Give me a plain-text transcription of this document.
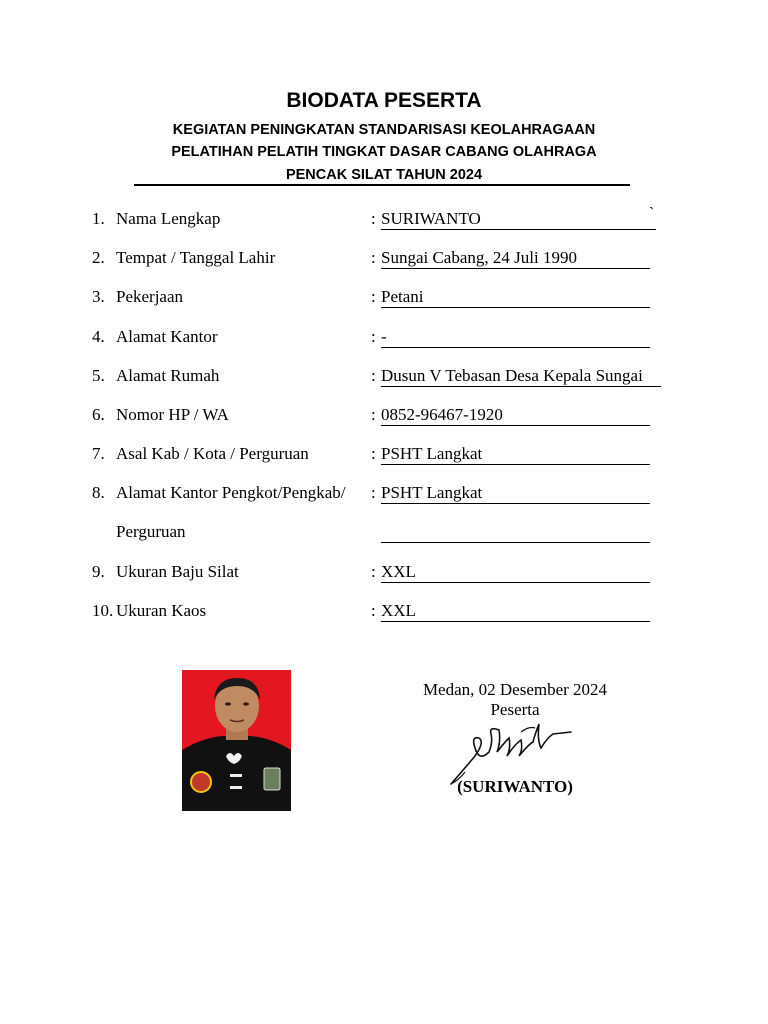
BIODATA PESERTA
KEGIATAN PENINGKATAN STANDARISASI KEOLAHRAGAAN
PELATIHAN PELATIH TINGKAT DASAR CABANG OLAHRAGA
PENCAK SILAT TAHUN 2024
1. Nama Lengkap	: SURIWANTO	`
2. Tempat / Tanggal Lahir	: Sungai Cabang, 24 Juli 1990
3. Pekerjaan	: Petani
4. Alamat Kantor	: -
5. Alamat Rumah	: Dusun V Tebasan Desa Kepala Sungai
6. Nomor HP / WA	: 0852-96467-1920
7. Asal Kab / Kota / Perguruan	: PSHT Langkat
8. Alamat Kantor Pengkot/Pengkab/ : PSHT Langkat
Perguruan
9. Ukuran Baju Silat	: XXL
10. Ukuran Kaos	: XXL
Medan, 02 Desember 2024
Peserta
(SURIWANTO)
